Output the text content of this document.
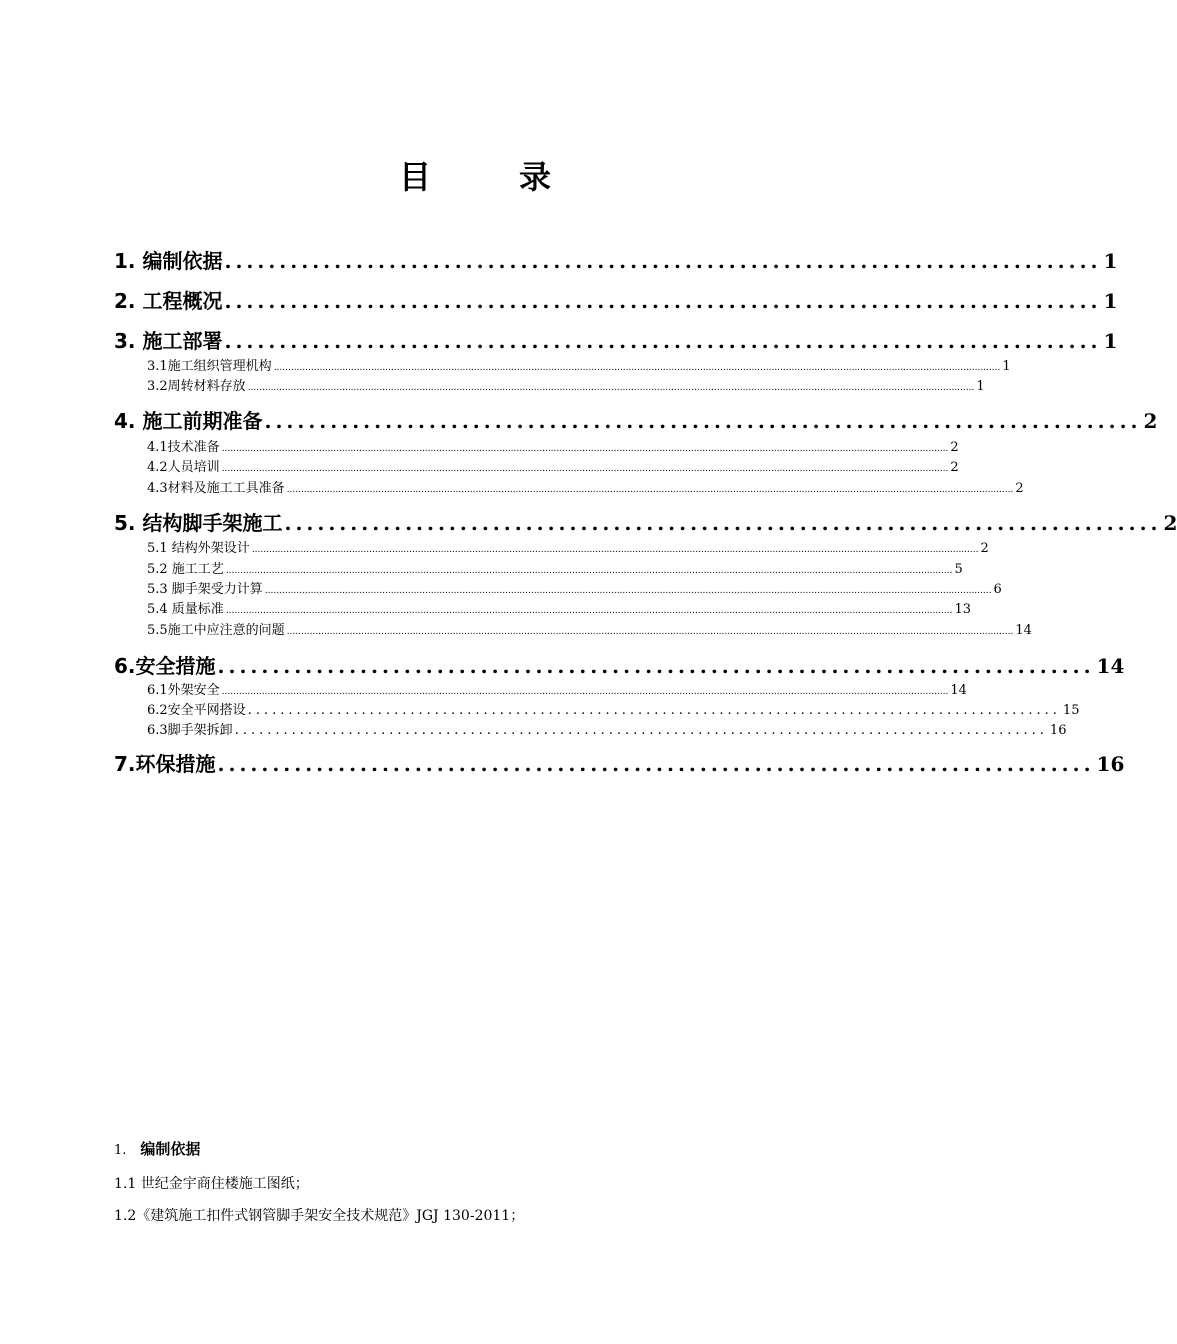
目　录
1. 编制依据 ................................................................................ 1
2. 工程概况 ................................................................................ 1
3. 施工部署 ................................................................................ 1
3.1施工组织管理机构 .............................................................................................................................................................................................................................................................. 1
3.2周转材料存放 .............................................................................................................................................................................................................................................................. 1
4. 施工前期准备 ................................................................................ 2
4.1技术准备 .............................................................................................................................................................................................................................................................. 2
4.2人员培训 .............................................................................................................................................................................................................................................................. 2
4.3材料及施工工具准备 .............................................................................................................................................................................................................................................................. 2
5. 结构脚手架施工 ................................................................................ 2
5.1 结构外架设计 .............................................................................................................................................................................................................................................................. 2
5.2 施工工艺 .............................................................................................................................................................................................................................................................. 5
5.3 脚手架受力计算 .............................................................................................................................................................................................................................................................. 6
5.4 质量标准 .............................................................................................................................................................................................................................................................. 13
5.5施工中应注意的问题 .............................................................................................................................................................................................................................................................. 14
6.安全措施 ................................................................................ 14
6.1外架安全 .............................................................................................................................................................................................................................................................. 14
6.2安全平网搭设 .................................................................................................... 15
6.3脚手架拆卸 .................................................................................................... 16
7.环保措施 ................................................................................ 16
1. 编制依据
1.1 世纪金宇商住楼施工图纸；
1.2《建筑施工扣件式钢管脚手架安全技术规范》JGJ 130-2011；
